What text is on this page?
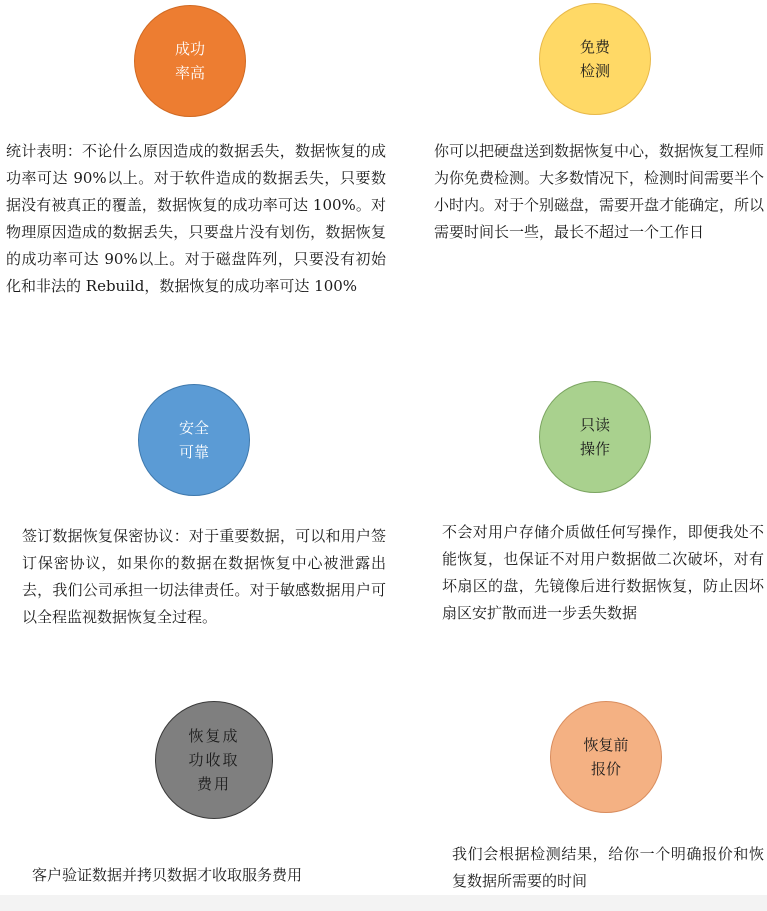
成功
率高
免费
检测
安全
可靠
只读
操作
恢复成
功收取
费用
恢复前
报价

统计表明：不论什么原因造成的数据丢失，数据恢复的成功率可达 90%以上。对于软件造成的数据丢失，只要数据没有被真正的覆盖，数据恢复的成功率可达 100%。对物理原因造成的数据丢失，只要盘片没有划伤，数据恢复的成功率可达 90%以上。对于磁盘阵列，只要没有初始化和非法的 Rebuild，数据恢复的成功率可达 100%

你可以把硬盘送到数据恢复中心，数据恢复工程师为你免费检测。大多数情况下，检测时间需要半个小时内。对于个别磁盘，需要开盘才能确定，所以需要时间长一些，最长不超过一个工作日

签订数据恢复保密协议：对于重要数据，可以和用户签订保密协议，如果你的数据在数据恢复中心被泄露出去，我们公司承担一切法律责任。对于敏感数据用户可以全程监视数据恢复全过程。

不会对用户存储介质做任何写操作，即便我处不能恢复，也保证不对用户数据做二次破坏，对有坏扇区的盘，先镜像后进行数据恢复，防止因坏扇区安扩散而进一步丢失数据

客户验证数据并拷贝数据才收取服务费用

我们会根据检测结果，给你一个明确报价和恢复数据所需要的时间
